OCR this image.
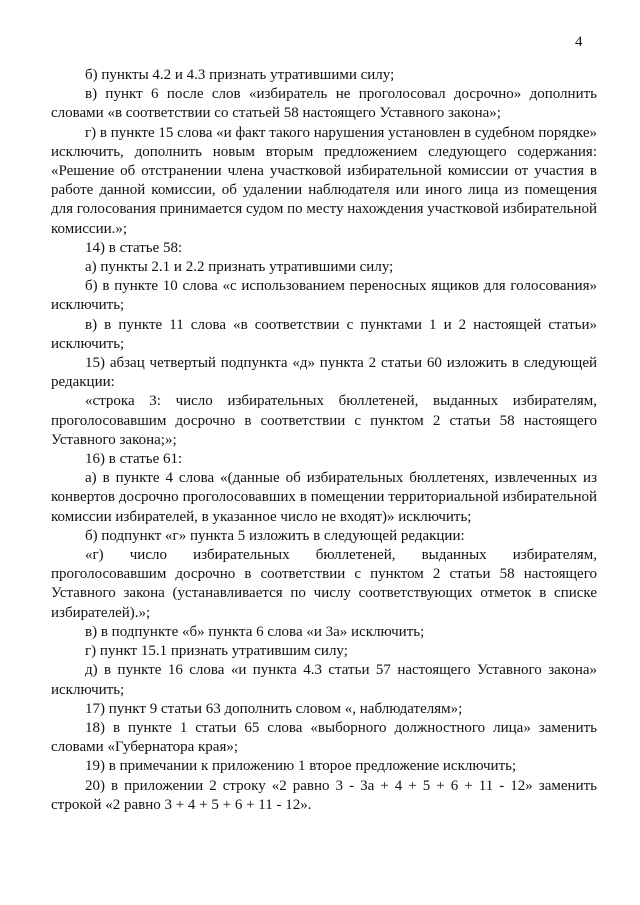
4

б) пункты 4.2 и 4.3 признать утратившими силу;

в) пункт 6 после слов «избиратель не проголосовал досрочно» дополнить словами «в соответствии со статьей 58 настоящего Уставного закона»;

г) в пункте 15 слова «и факт такого нарушения установлен в судебном порядке» исключить, дополнить новым вторым предложением следующего содержания: «Решение об отстранении члена участковой избирательной комиссии от участия в работе данной комиссии, об удалении наблюдателя или иного лица из помещения для голосования принимается судом по месту нахождения участковой избирательной комиссии.»;

14) в статье 58:

а) пункты 2.1 и 2.2 признать утратившими силу;

б) в пункте 10 слова «с использованием переносных ящиков для голосования» исключить;

в) в пункте 11 слова «в соответствии с пунктами 1 и 2 настоящей статьи» исключить;

15) абзац четвертый подпункта «д» пункта 2 статьи 60 изложить в следующей редакции:

«строка 3: число избирательных бюллетеней, выданных избирателям, проголосовавшим досрочно в соответствии с пунктом 2 статьи 58 настоящего Уставного закона;»;

16) в статье 61:

а) в пункте 4 слова «(данные об избирательных бюллетенях, извлеченных из конвертов досрочно проголосовавших в помещении территориальной избирательной комиссии избирателей, в указанное число не входят)» исключить;

б) подпункт «г» пункта 5 изложить в следующей редакции:

«г) число избирательных бюллетеней, выданных избирателям, проголосовавшим досрочно в соответствии с пунктом 2 статьи 58 настоящего Уставного закона (устанавливается по числу соответствующих отметок в списке избирателей).»;

в) в подпункте «б» пункта 6 слова «и 3а» исключить;

г) пункт 15.1 признать утратившим силу;

д) в пункте 16 слова «и пункта 4.3 статьи 57 настоящего Уставного закона» исключить;

17) пункт 9 статьи 63 дополнить словом «, наблюдателям»;

18) в пункте 1 статьи 65 слова «выборного должностного лица» заменить словами «Губернатора края»;

19) в примечании к приложению 1 второе предложение исключить;

20) в приложении 2 строку «2 равно 3 - 3а + 4 + 5 + 6 + 11 - 12» заменить строкой «2 равно 3 + 4 + 5 + 6 + 11 - 12».
